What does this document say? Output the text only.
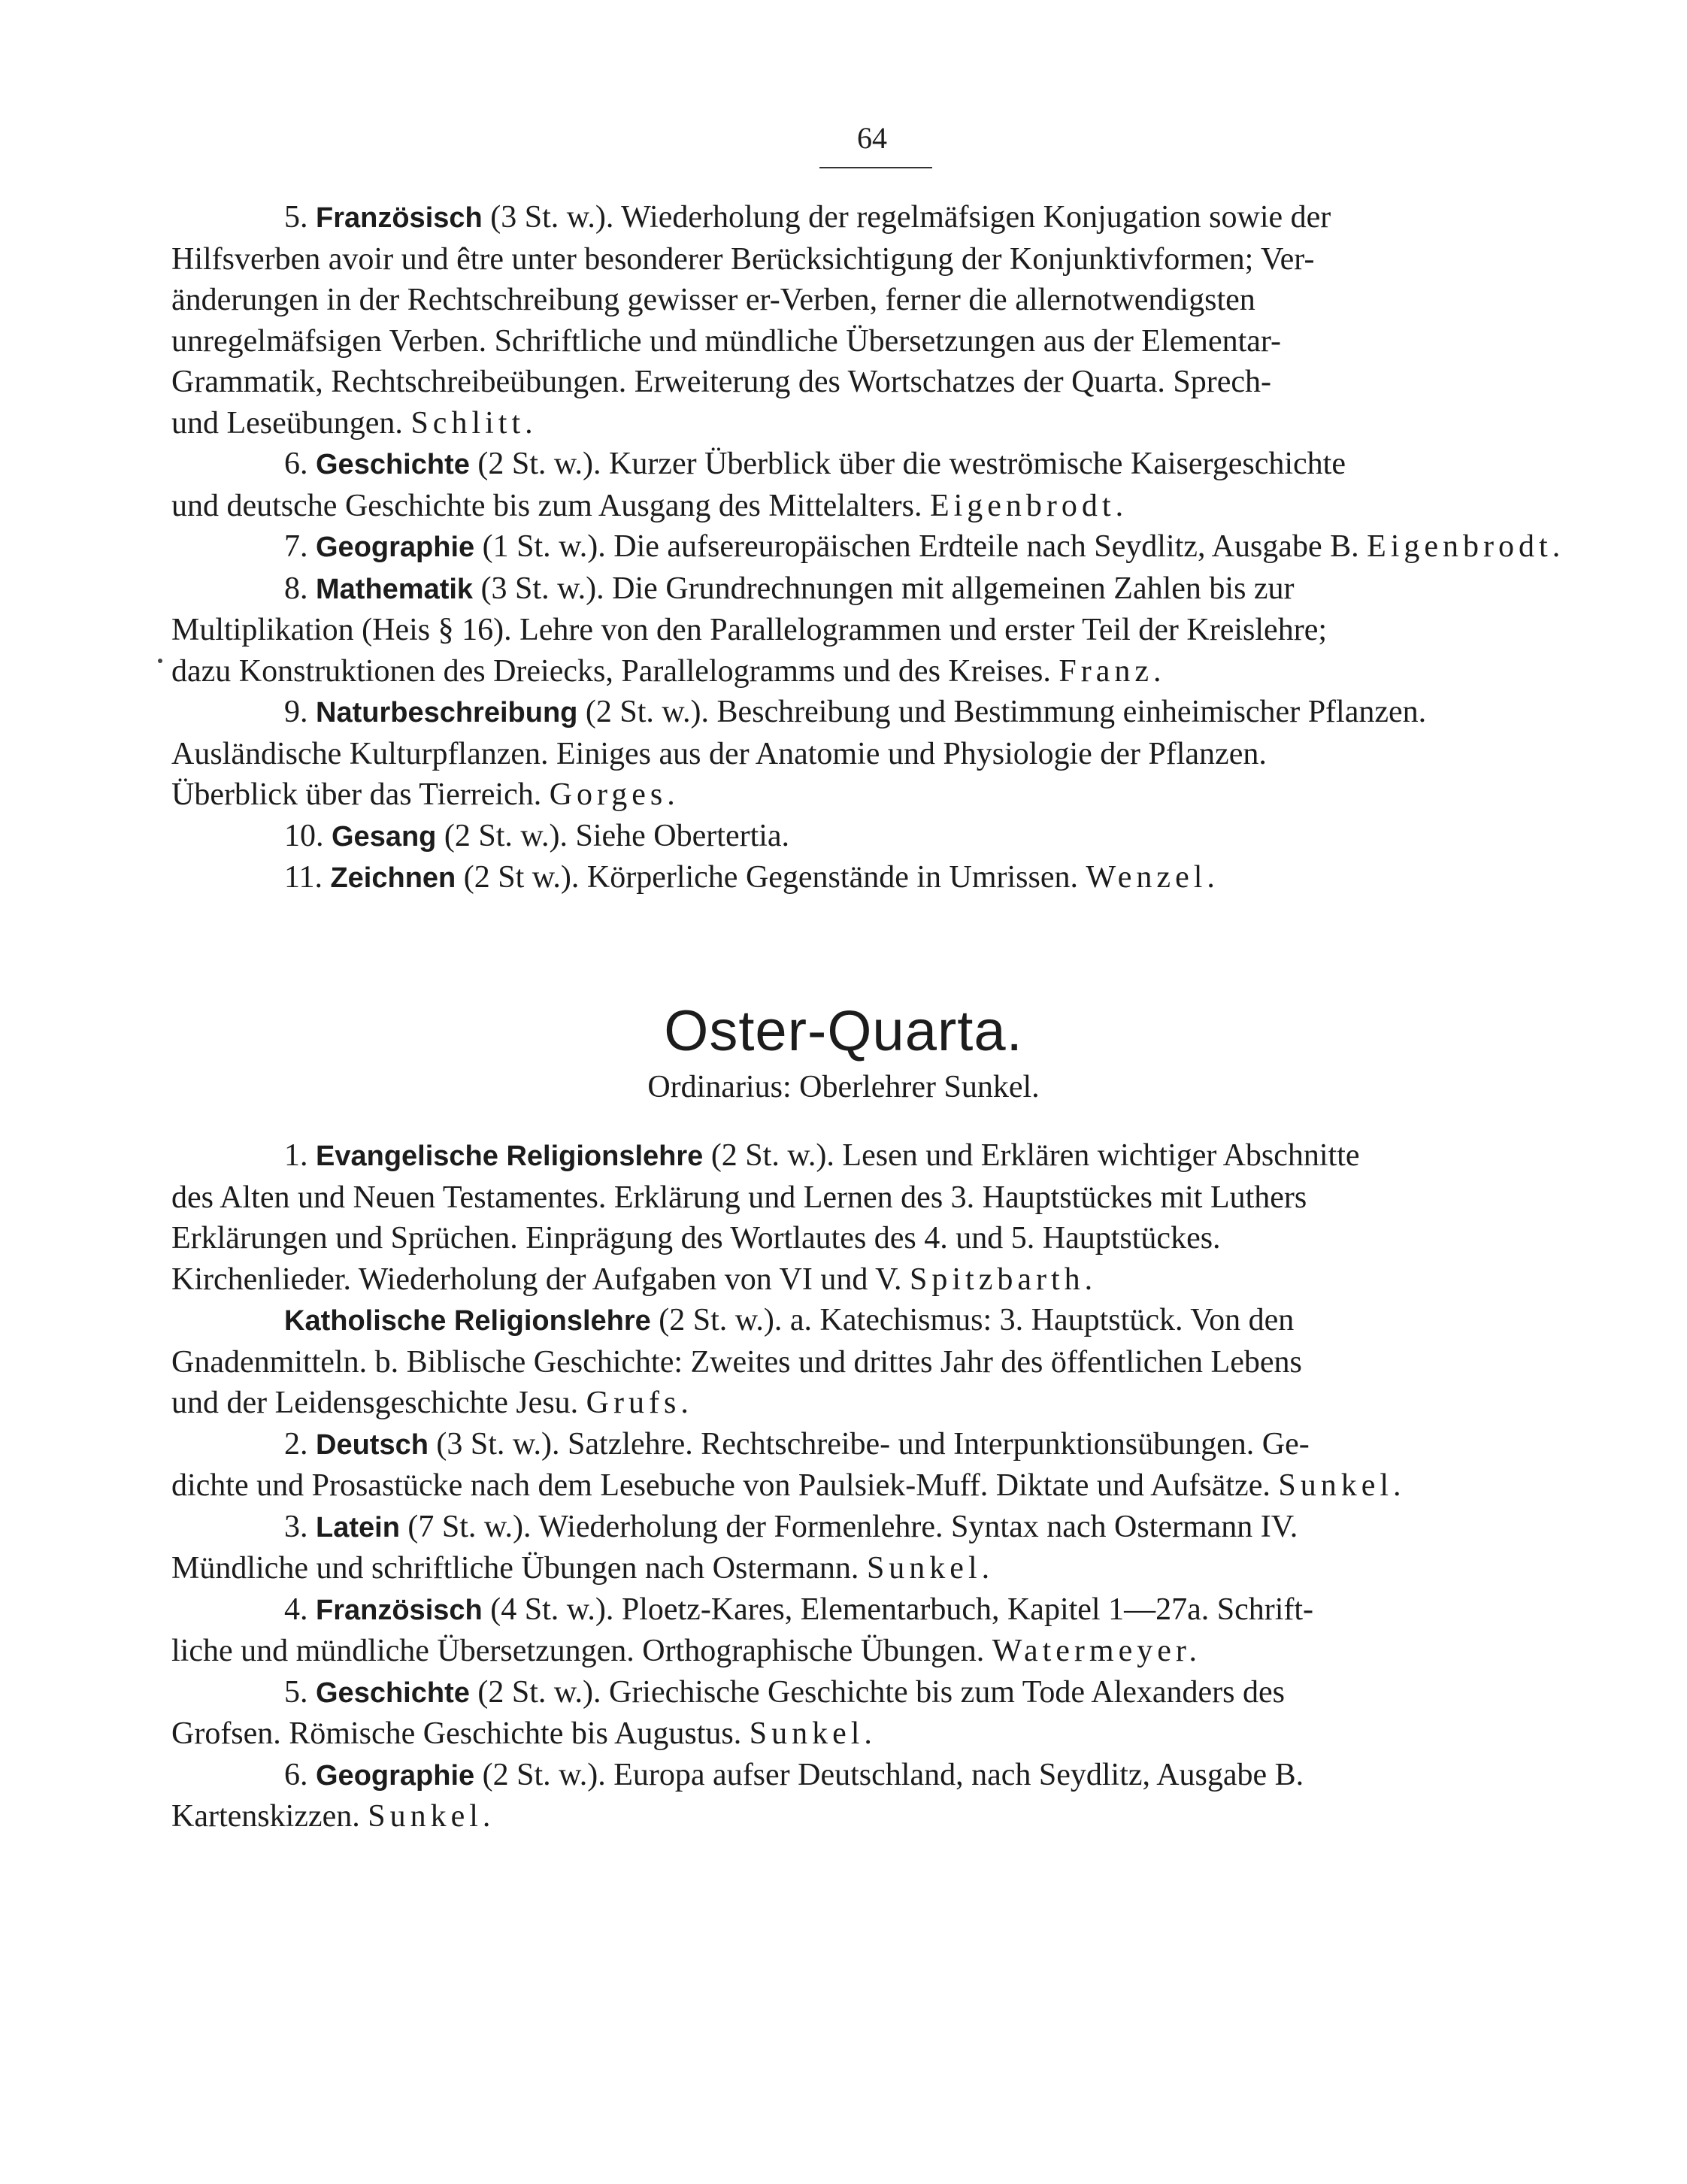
64
5. Französisch (3 St. w.). Wiederholung der regelmäfsigen Konjugation sowie der
Hilfsverben avoir und être unter besonderer Berücksichtigung der Konjunktivformen; Ver-
änderungen in der Rechtschreibung gewisser er-Verben, ferner die allernotwendigsten
unregelmäfsigen Verben. Schriftliche und mündliche Übersetzungen aus der Elementar-
Grammatik, Rechtschreibeübungen. Erweiterung des Wortschatzes der Quarta. Sprech-
und Leseübungen. Schlitt.
6. Geschichte (2 St. w.). Kurzer Überblick über die weströmische Kaisergeschichte
und deutsche Geschichte bis zum Ausgang des Mittelalters. Eigenbrodt.
7. Geographie (1 St. w.). Die aufsereuropäischen Erdteile nach Seydlitz, Ausgabe B. Eigenbrodt.
8. Mathematik (3 St. w.). Die Grundrechnungen mit allgemeinen Zahlen bis zur
Multiplikation (Heis § 16). Lehre von den Parallelogrammen und erster Teil der Kreislehre;
dazu Konstruktionen des Dreiecks, Parallelogramms und des Kreises. Franz.
9. Naturbeschreibung (2 St. w.). Beschreibung und Bestimmung einheimischer Pflanzen.
Ausländische Kulturpflanzen. Einiges aus der Anatomie und Physiologie der Pflanzen.
Überblick über das Tierreich. Gorges.
10. Gesang (2 St. w.). Siehe Obertertia.
11. Zeichnen (2 St w.). Körperliche Gegenstände in Umrissen. Wenzel.
Oster-Quarta.
Ordinarius: Oberlehrer Sunkel.
1. Evangelische Religionslehre (2 St. w.). Lesen und Erklären wichtiger Abschnitte
des Alten und Neuen Testamentes. Erklärung und Lernen des 3. Hauptstückes mit Luthers
Erklärungen und Sprüchen. Einprägung des Wortlautes des 4. und 5. Hauptstückes.
Kirchenlieder. Wiederholung der Aufgaben von VI und V. Spitzbarth.
Katholische Religionslehre (2 St. w.). a. Katechismus: 3. Hauptstück. Von den
Gnadenmitteln. b. Biblische Geschichte: Zweites und drittes Jahr des öffentlichen Lebens
und der Leidensgeschichte Jesu. Grufs.
2. Deutsch (3 St. w.). Satzlehre. Rechtschreibe- und Interpunktionsübungen. Ge-
dichte und Prosastücke nach dem Lesebuche von Paulsiek-Muff. Diktate und Aufsätze. Sunkel.
3. Latein (7 St. w.). Wiederholung der Formenlehre. Syntax nach Ostermann IV.
Mündliche und schriftliche Übungen nach Ostermann. Sunkel.
4. Französisch (4 St. w.). Ploetz-Kares, Elementarbuch, Kapitel 1—27a. Schrift-
liche und mündliche Übersetzungen. Orthographische Übungen. Watermeyer.
5. Geschichte (2 St. w.). Griechische Geschichte bis zum Tode Alexanders des
Grofsen. Römische Geschichte bis Augustus. Sunkel.
6. Geographie (2 St. w.). Europa aufser Deutschland, nach Seydlitz, Ausgabe B.
Kartenskizzen. Sunkel.
